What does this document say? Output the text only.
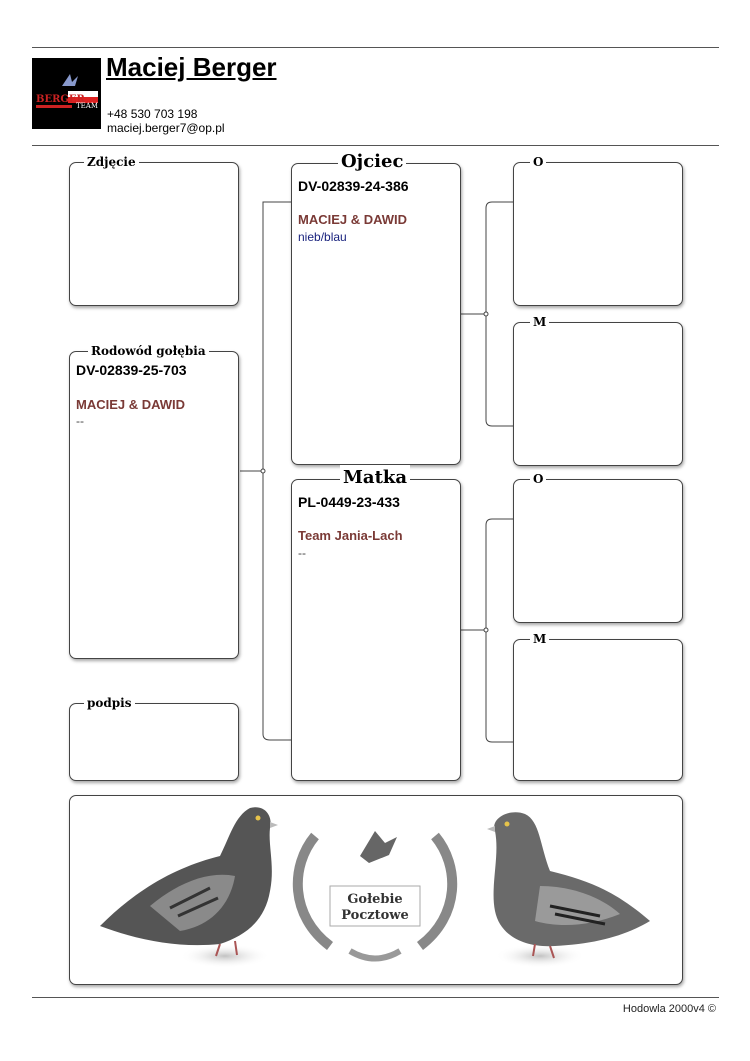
BERGER
TEAM
Maciej Berger
+48 530 703 198
maciej.berger7@op.pl
Zdjęcie
Rodowód gołębia
DV-02839-25-703
MACIEJ & DAWID
--
podpis
Ojciec
DV-02839-24-386
MACIEJ & DAWID
nieb/blau
Matka
PL-0449-23-433
Team Jania-Lach
--
O
M
O
M
Gołebie
Pocztowe
Hodowla 2000v4 ©
